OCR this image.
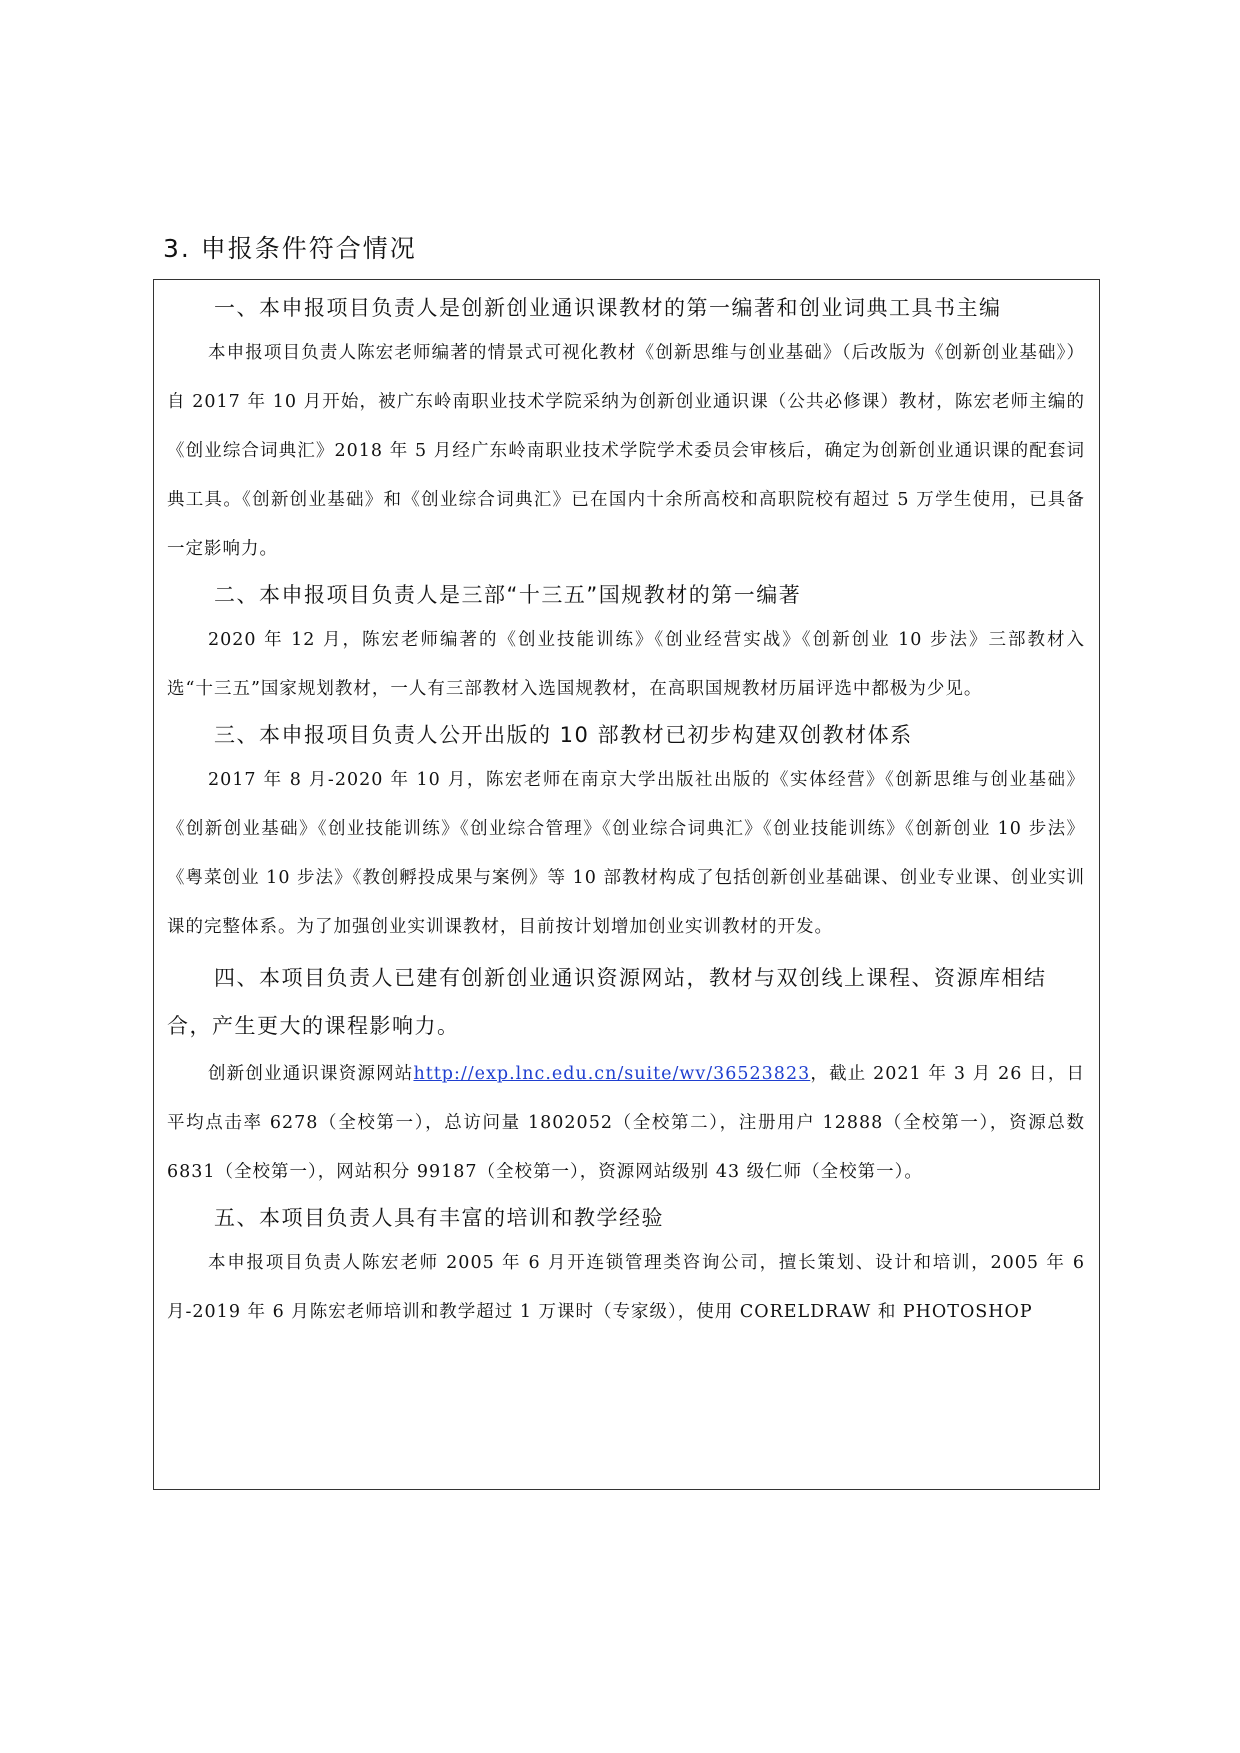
3. 申报条件符合情况

一、本申报项目负责人是创新创业通识课教材的第一编著和创业词典工具书主编

本申报项目负责人陈宏老师编著的情景式可视化教材《创新思维与创业基础》（后改版为《创新创业基础》）自 2017 年 10 月开始，被广东岭南职业技术学院采纳为创新创业通识课（公共必修课）教材，陈宏老师主编的《创业综合词典汇》2018 年 5 月经广东岭南职业技术学院学术委员会审核后，确定为创新创业通识课的配套词典工具。《创新创业基础》和《创业综合词典汇》已在国内十余所高校和高职院校有超过 5 万学生使用，已具备一定影响力。

二、本申报项目负责人是三部“十三五”国规教材的第一编著

2020 年 12 月，陈宏老师编著的《创业技能训练》《创业经营实战》《创新创业 10 步法》三部教材入选“十三五”国家规划教材，一人有三部教材入选国规教材，在高职国规教材历届评选中都极为少见。

三、本申报项目负责人公开出版的 10 部教材已初步构建双创教材体系

2017 年 8 月-2020 年 10 月，陈宏老师在南京大学出版社出版的《实体经营》《创新思维与创业基础》《创新创业基础》《创业技能训练》《创业综合管理》《创业综合词典汇》《创业技能训练》《创新创业 10 步法》《粤菜创业 10 步法》《教创孵投成果与案例》等 10 部教材构成了包括创新创业基础课、创业专业课、创业实训课的完整体系。为了加强创业实训课教材，目前按计划增加创业实训教材的开发。

四、本项目负责人已建有创新创业通识资源网站，教材与双创线上课程、资源库相结合，产生更大的课程影响力。

创新创业通识课资源网站http://exp.lnc.edu.cn/suite/wv/36523823，截止 2021 年 3 月 26 日，日平均点击率 6278（全校第一），总访问量 1802052（全校第二），注册用户 12888（全校第一），资源总数 6831（全校第一），网站积分 99187（全校第一），资源网站级别 43 级仁师（全校第一）。

五、本项目负责人具有丰富的培训和教学经验

本申报项目负责人陈宏老师 2005 年 6 月开连锁管理类咨询公司，擅长策划、设计和培训，2005 年 6 月-2019 年 6 月陈宏老师培训和教学超过 1 万课时（专家级），使用 CORELDRAW 和 PHOTOSHOP
